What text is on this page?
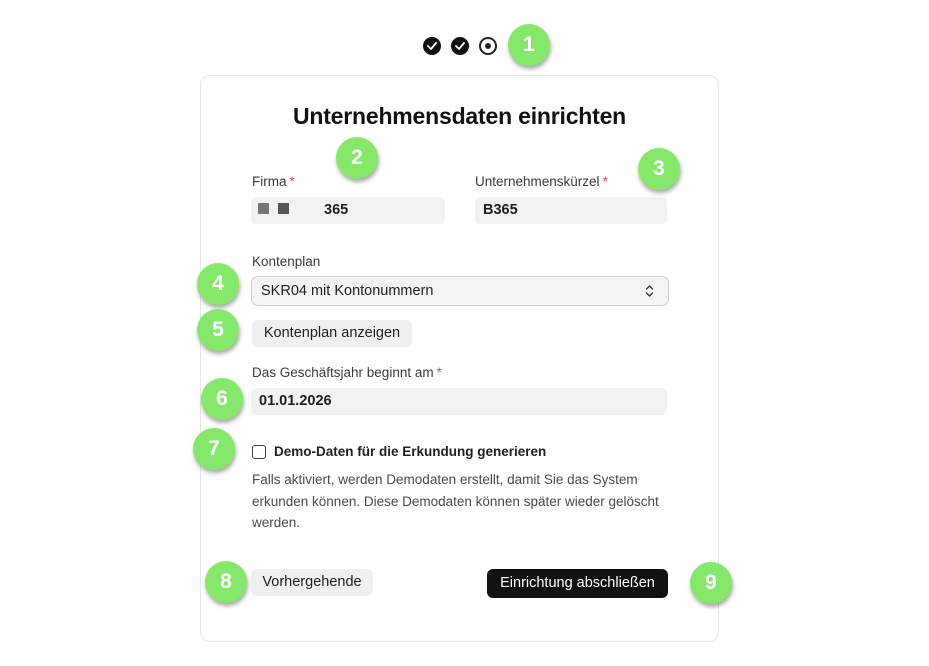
Unternehmensdaten einrichten
Firma *
365
Unternehmenskürzel *
B365
Kontenplan
SKR04 mit Kontonummern
Kontenplan anzeigen
Das Geschäftsjahr beginnt am *
01.01.2026
Demo-Daten für die Erkundung generieren
Falls aktiviert, werden Demodaten erstellt, damit Sie das System erkunden können. Diese Demodaten können später wieder gelöscht werden.
Vorhergehende	Einrichtung abschließen
1
2	3
4
5
6
7
8	9
